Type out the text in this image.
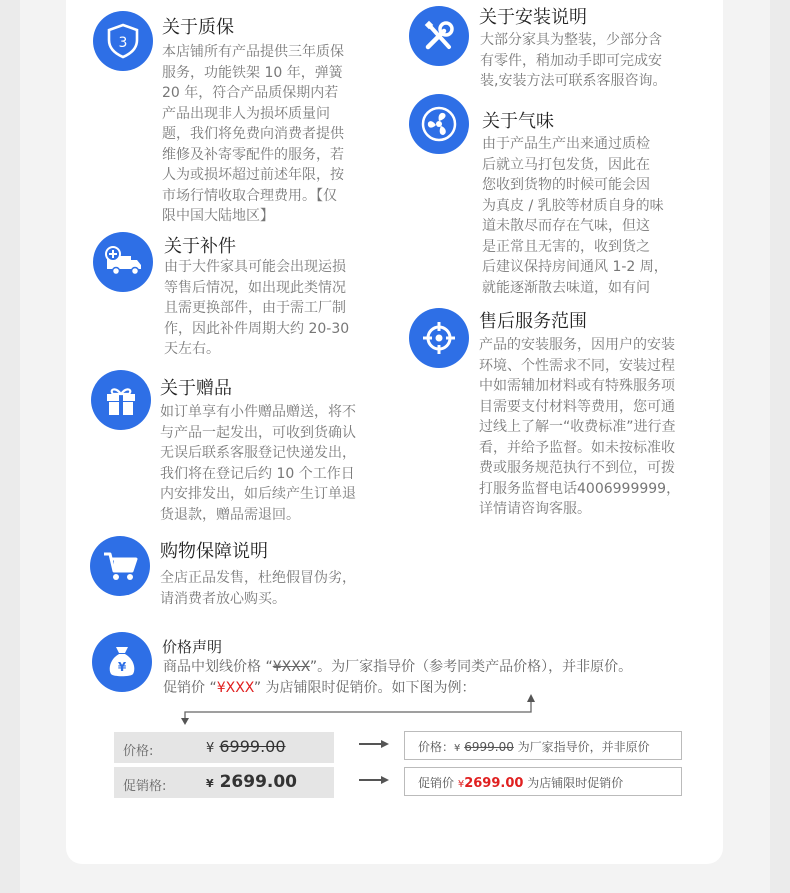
3
关于质保
本店铺所有产品提供三年质保
服务，功能铁架 10 年，弹簧
20 年，符合产品质保期内若
产品出现非人为损坏质量问
题，我们将免费向消费者提供
维修及补寄零配件的服务，若
人为或损坏超过前述年限，按
市场行情收取合理费用。【仅
限中国大陆地区】
关于安装说明
大部分家具为整装，少部分含
有零件，稍加动手即可完成安
装,安装方法可联系客服咨询。
关于气味
由于产品生产出来通过质检
后就立马打包发货，因此在
您收到货物的时候可能会因
为真皮 / 乳胶等材质自身的味
道未散尽而存在气味，但这
是正常且无害的，收到货之
后建议保持房间通风 1-2 周，
就能逐渐散去味道，如有问
关于补件
由于大件家具可能会出现运损
等售后情况，如出现此类情况
且需更换部件，由于需工厂制
作，因此补件周期大约 20-30
天左右。
售后服务范围
产品的安装服务，因用户的安装
环境、个性需求不同，安装过程
中如需辅加材料或有特殊服务项
目需要支付材料等费用，您可通
过线上了解一“收费标准”进行查
看，并给予监督。如未按标准收
费或服务规范执行不到位，可拨
打服务监督电话4006999999，
详情请咨询客服。
关于赠品
如订单享有小件赠品赠送，将不
与产品一起发出，可收到货确认
无误后联系客服登记快递发出，
我们将在登记后约 10 个工作日
内安排发出，如后续产生订单退
货退款，赠品需退回。
购物保障说明
全店正品发售，杜绝假冒伪劣，
请消费者放心购买。
¥
价格声明
商品中划线价格 “¥XXX”。为厂家指导价（参考同类产品价格），并非原价。
促销价 “¥XXX” 为店铺限时促销价。如下图为例：
价格:	¥ 6999.00	价格：¥ 6999.00 为厂家指导价，并非原价
促销格:	¥ 2699.00	促销价 ¥2699.00 为店铺限时促销价
